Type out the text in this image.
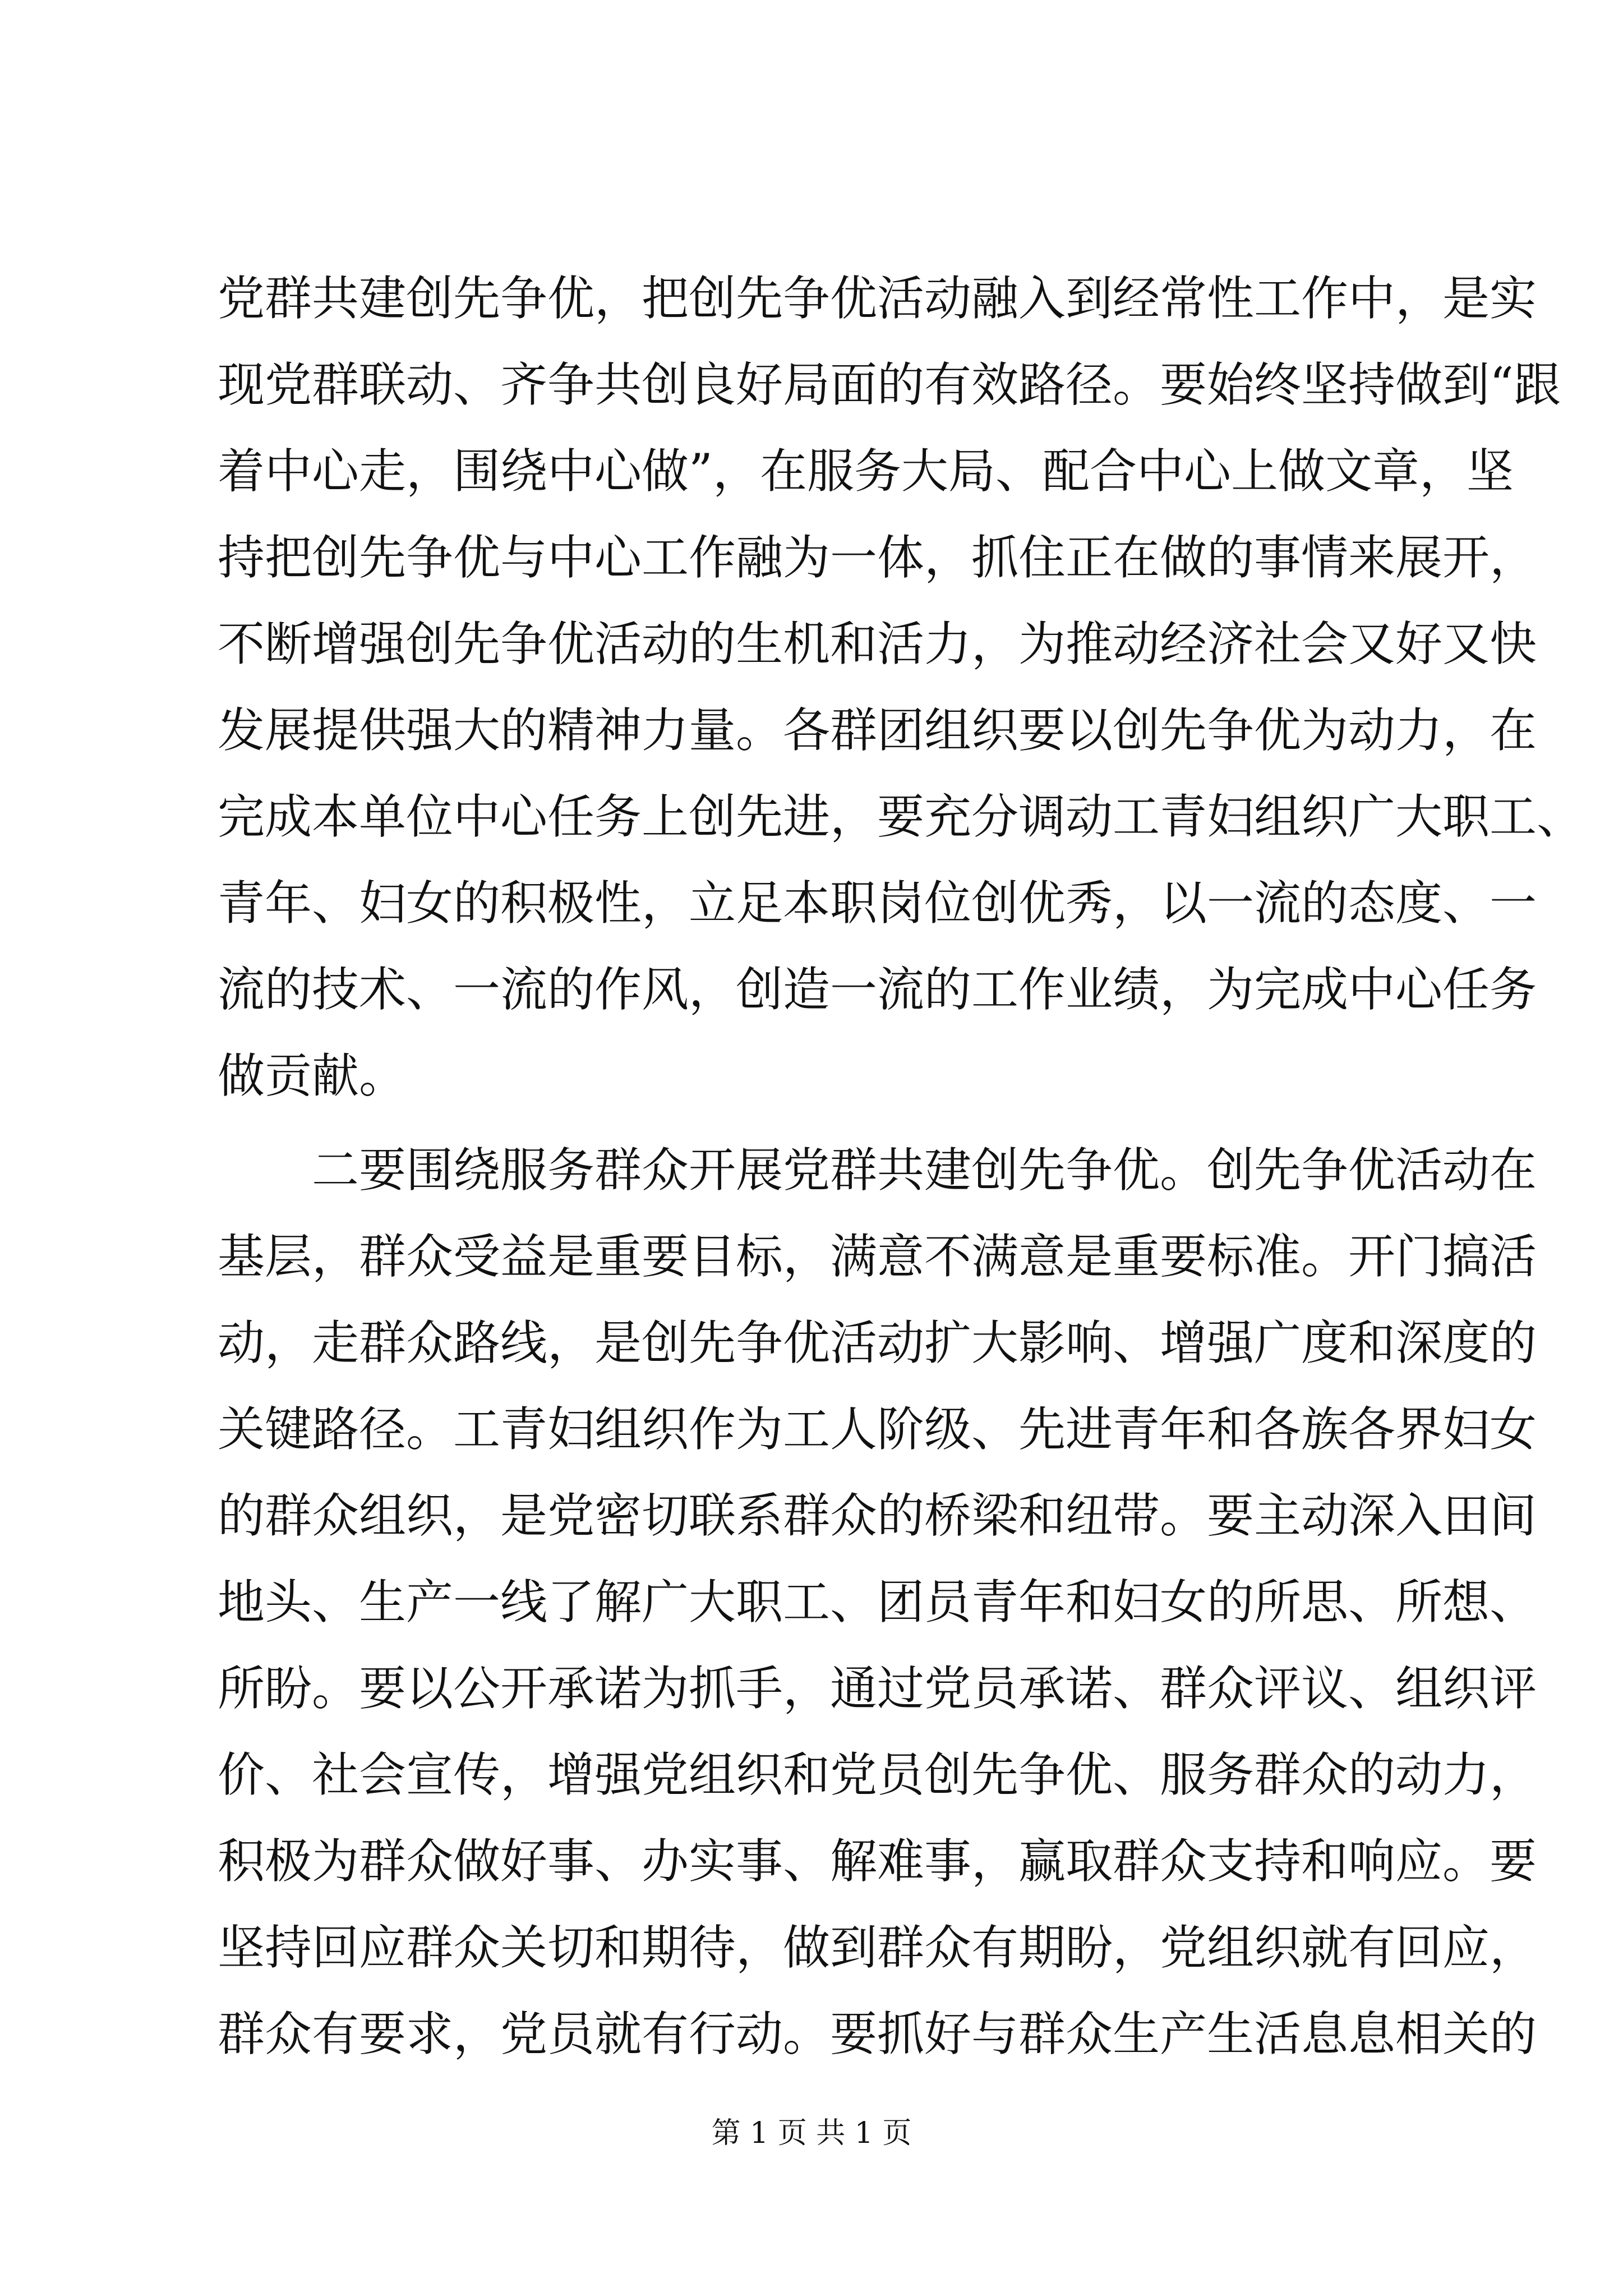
党群共建创先争优，把创先争优活动融入到经常性工作中，是实
现党群联动、齐争共创良好局面的有效路径。要始终坚持做到“跟
着中心走，围绕中心做”，在服务大局、配合中心上做文章，坚
持把创先争优与中心工作融为一体，抓住正在做的事情来展开，
不断增强创先争优活动的生机和活力，为推动经济社会又好又快
发展提供强大的精神力量。各群团组织要以创先争优为动力，在
完成本单位中心任务上创先进，要充分调动工青妇组织广大职工、
青年、妇女的积极性，立足本职岗位创优秀，以一流的态度、一
流的技术、一流的作风，创造一流的工作业绩，为完成中心任务
做贡献。
二要围绕服务群众开展党群共建创先争优。创先争优活动在
基层，群众受益是重要目标，满意不满意是重要标准。开门搞活
动，走群众路线，是创先争优活动扩大影响、增强广度和深度的
关键路径。工青妇组织作为工人阶级、先进青年和各族各界妇女
的群众组织，是党密切联系群众的桥梁和纽带。要主动深入田间
地头、生产一线了解广大职工、团员青年和妇女的所思、所想、
所盼。要以公开承诺为抓手，通过党员承诺、群众评议、组织评
价、社会宣传，增强党组织和党员创先争优、服务群众的动力，
积极为群众做好事、办实事、解难事，赢取群众支持和响应。要
坚持回应群众关切和期待，做到群众有期盼，党组织就有回应，
群众有要求，党员就有行动。要抓好与群众生产生活息息相关的
第 1 页 共 1 页
